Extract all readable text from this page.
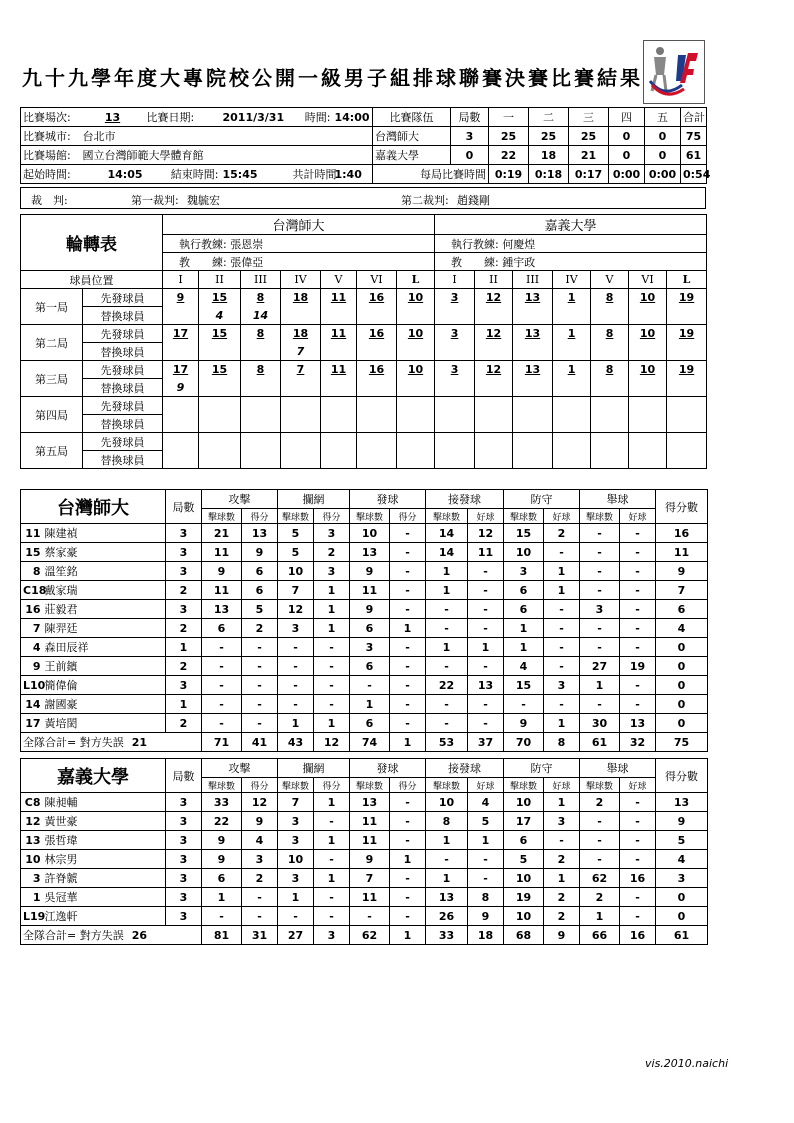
九十九學年度大專院校公開一級男子組排球聯賽決賽比賽結果
比賽場次:	13	比賽日期:	2011/3/31	時間:	14:00	比賽隊伍	局數	一	二	三	四	五	合計
比賽城市:	台北市					台灣師大	3	25	25	25	0	0	75
比賽場館:	國立台灣師範大學體育館					嘉義大學	0	22	18	21	0	0	61
起始時間:	14:05	結束時間:	15:45	共計時間:	1:40	每局比賽時間		0:19	0:18	0:17	0:00	0:00	0:54
裁　判:	第一裁判: 魏毓宏	第二裁判: 趙錢剛
輪轉表		台灣師大							嘉義大學						
		執行教練: 張恩崇							執行教練: 何慶煌						
		教　　練: 張偉亞							教　　練: 鍾宇政						
球員位置		I	II	III	IV	V	VI	L	I	II	III	IV	V	VI	L
第一局	先發球員	9	15	8	18	11	16	10	3	12	13	1	8	10	19
	替換球員		4	14											
第二局	先發球員	17	15	8	18	11	16	10	3	12	13	1	8	10	19
	替換球員				7										
第三局	先發球員	17	15	8	7	11	16	10	3	12	13	1	8	10	19
	替換球員	9													
第四局	先發球員														
	替換球員														
第五局	先發球員														
	替換球員														
台灣師大		局數	攻擊		攔網		發球		接發球		防守		舉球		得分數
			擊球數	得分	擊球數	得分	擊球數	得分	擊球數	好球	擊球數	好球	擊球數	好球	
11	陳建禎	3	21	13	5	3	10	-	14	12	15	2	-	-	16
15	蔡家豪	3	11	9	5	2	13	-	14	11	10	-	-	-	11
8	溫笙銘	3	9	6	10	3	9	-	1	-	3	1	-	-	9
C18	戴家瑞	2	11	6	7	1	11	-	1	-	6	1	-	-	7
16	莊毅君	3	13	5	12	1	9	-	-	-	6	-	3	-	6
7	陳羿廷	2	6	2	3	1	6	1	-	-	1	-	-	-	4
4	森田辰祥	1	-	-	-	-	3	-	1	1	1	-	-	-	0
9	王前鑌	2	-	-	-	-	6	-	-	-	4	-	27	19	0
L10	簡偉倫	3	-	-	-	-	-	-	22	13	15	3	1	-	0
14	謝國豪	1	-	-	-	-	1	-	-	-	-	-	-	-	0
17	黃培閎	2	-	-	1	1	6	-	-	-	9	1	30	13	0
全隊合計= 對方失誤 21			71	41	43	12	74	1	53	37	70	8	61	32	75
嘉義大學		局數	攻擊		攔網		發球		接發球		防守		舉球		得分數
			擊球數	得分	擊球數	得分	擊球數	得分	擊球數	好球	擊球數	好球	擊球數	好球	
C8	陳昶輔	3	33	12	7	1	13	-	10	4	10	1	2	-	13
12	黃世豪	3	22	9	3	-	11	-	8	5	17	3	-	-	9
13	張哲瑋	3	9	4	3	1	11	-	1	1	6	-	-	-	5
10	林宗男	3	9	3	10	-	9	1	-	-	5	2	-	-	4
3	許脊虩	3	6	2	3	1	7	-	1	-	10	1	62	16	3
1	吳冠華	3	1	-	1	-	11	-	13	8	19	2	2	-	0
L19	江逸軒	3	-	-	-	-	-	-	26	9	10	2	1	-	0
全隊合計= 對方失誤 26			81	31	27	3	62	1	33	18	68	9	66	16	61
vis.2010.naichi
